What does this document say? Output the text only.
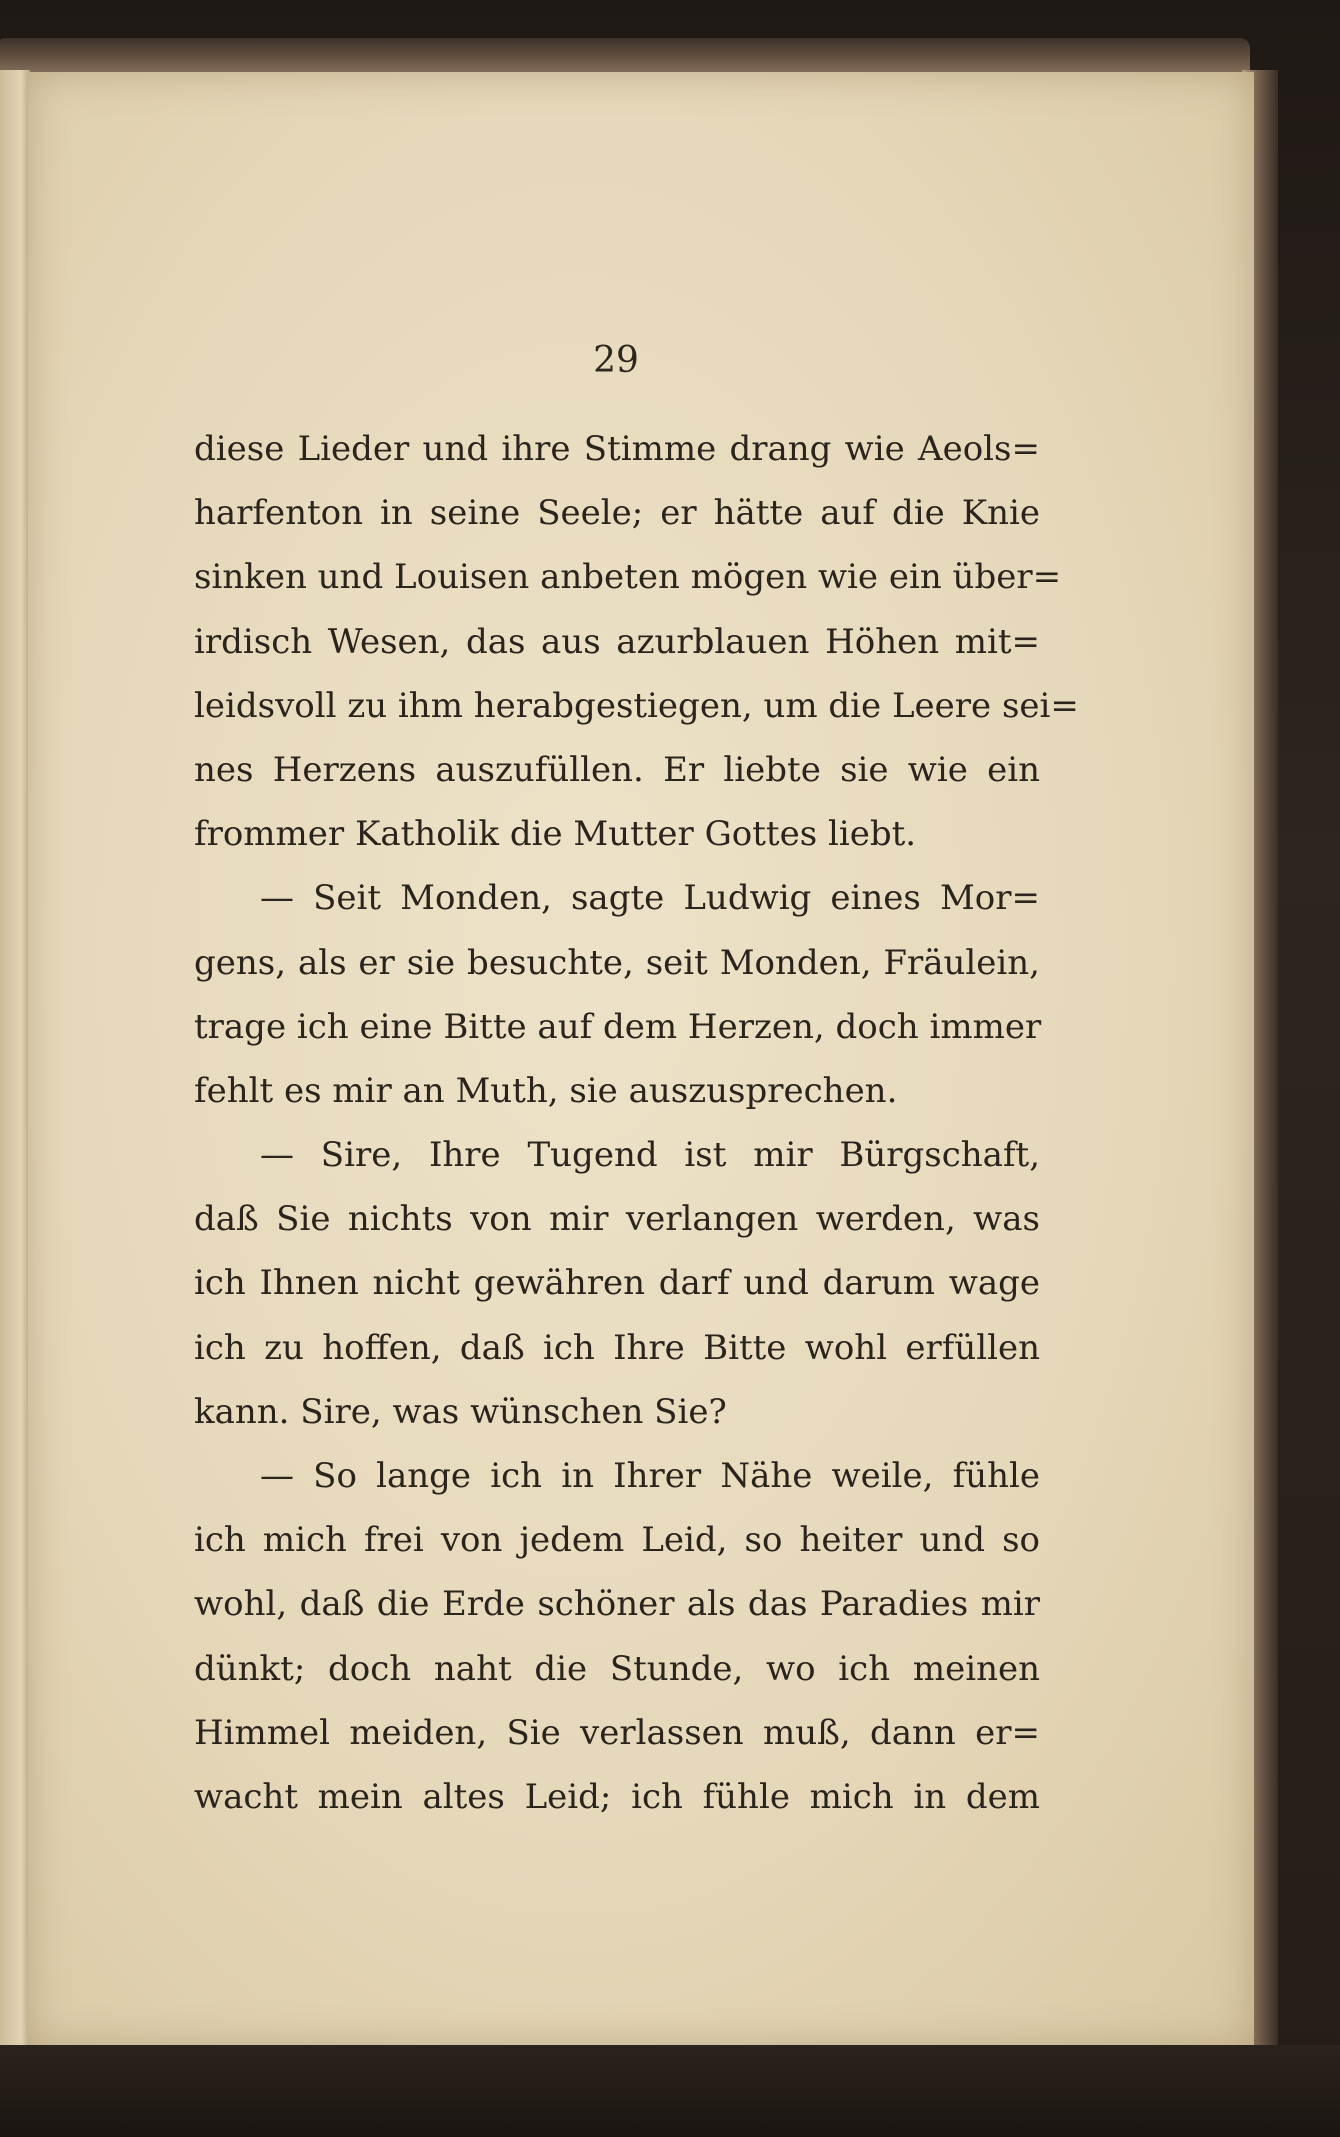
29
diese Lieder und ihre Stimme drang wie Aeols=
harfenton in seine Seele; er hätte auf die Knie
sinken und Louisen anbeten mögen wie ein über=
irdisch Wesen, das aus azurblauen Höhen mit=
leidsvoll zu ihm herabgestiegen, um die Leere sei=
nes Herzens auszufüllen. Er liebte sie wie ein
frommer Katholik die Mutter Gottes liebt.
— Seit Monden, sagte Ludwig eines Mor=
gens, als er sie besuchte, seit Monden, Fräulein,
trage ich eine Bitte auf dem Herzen, doch immer
fehlt es mir an Muth, sie auszusprechen.
— Sire, Ihre Tugend ist mir Bürgschaft,
daß Sie nichts von mir verlangen werden, was
ich Ihnen nicht gewähren darf und darum wage
ich zu hoffen, daß ich Ihre Bitte wohl erfüllen
kann. Sire, was wünschen Sie?
— So lange ich in Ihrer Nähe weile, fühle
ich mich frei von jedem Leid, so heiter und so
wohl, daß die Erde schöner als das Paradies mir
dünkt; doch naht die Stunde, wo ich meinen
Himmel meiden, Sie verlassen muß, dann er=
wacht mein altes Leid; ich fühle mich in dem
